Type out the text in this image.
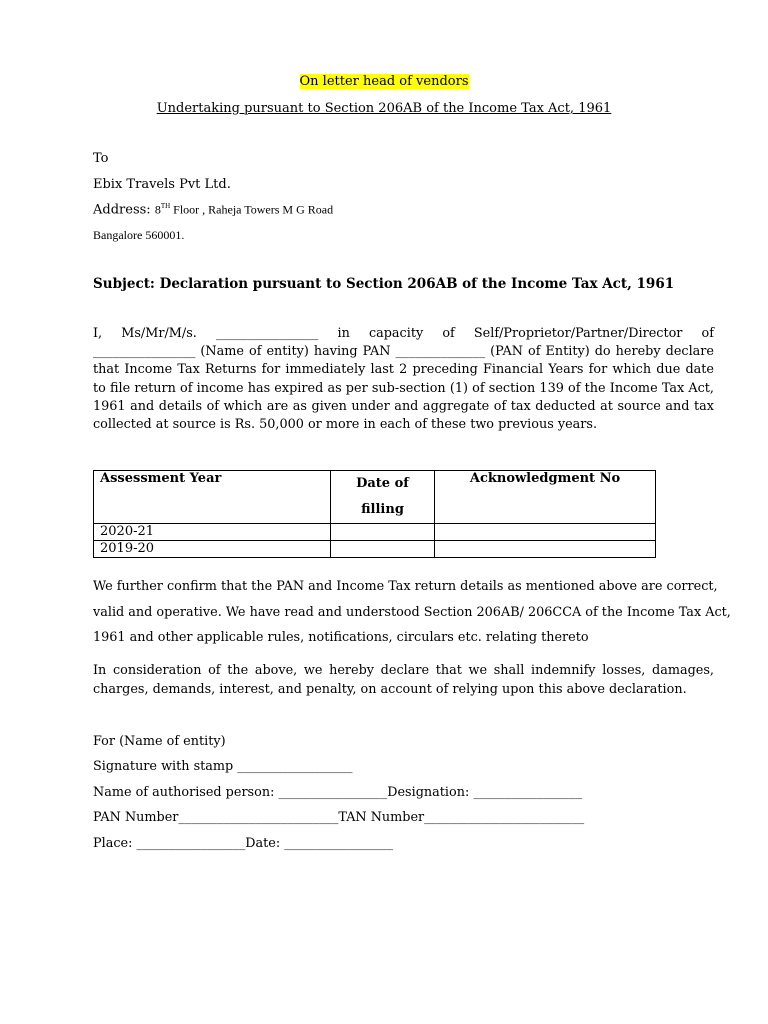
On letter head of vendors
Undertaking pursuant to Section 206AB of the Income Tax Act, 1961
To
Ebix Travels Pvt Ltd.
Address: 8TH Floor , Raheja Towers M G Road
Bangalore 560001.
Subject: Declaration pursuant to Section 206AB of the Income Tax Act, 1961
I, Ms/Mr/M/s. ________________ in capacity of Self/Proprietor/Partner/Director of ________________ (Name of entity) having PAN ______________ (PAN of Entity) do hereby declare that Income Tax Returns for immediately last 2 preceding Financial Years for which due date to file return of income has expired as per sub-section (1) of section 139 of the Income Tax Act, 1961 and details of which are as given under and aggregate of tax deducted at source and tax collected at source is Rs. 50,000 or more in each of these two previous years.
Assessment Year	Date of filling	Acknowledgment No
2020-21		
2019-20		
We further confirm that the PAN and Income Tax return details as mentioned above are correct, valid and operative. We have read and understood Section 206AB/ 206CCA of the Income Tax Act, 1961 and other applicable rules, notifications, circulars etc. relating thereto
In consideration of the above, we hereby declare that we shall indemnify losses, damages, charges, demands, interest, and penalty, on account of relying upon this above declaration.
For (Name of entity)
Signature with stamp __________________
Name of authorised person: _________________Designation: _________________
PAN Number_________________________TAN Number_________________________
Place: _________________Date: _________________
